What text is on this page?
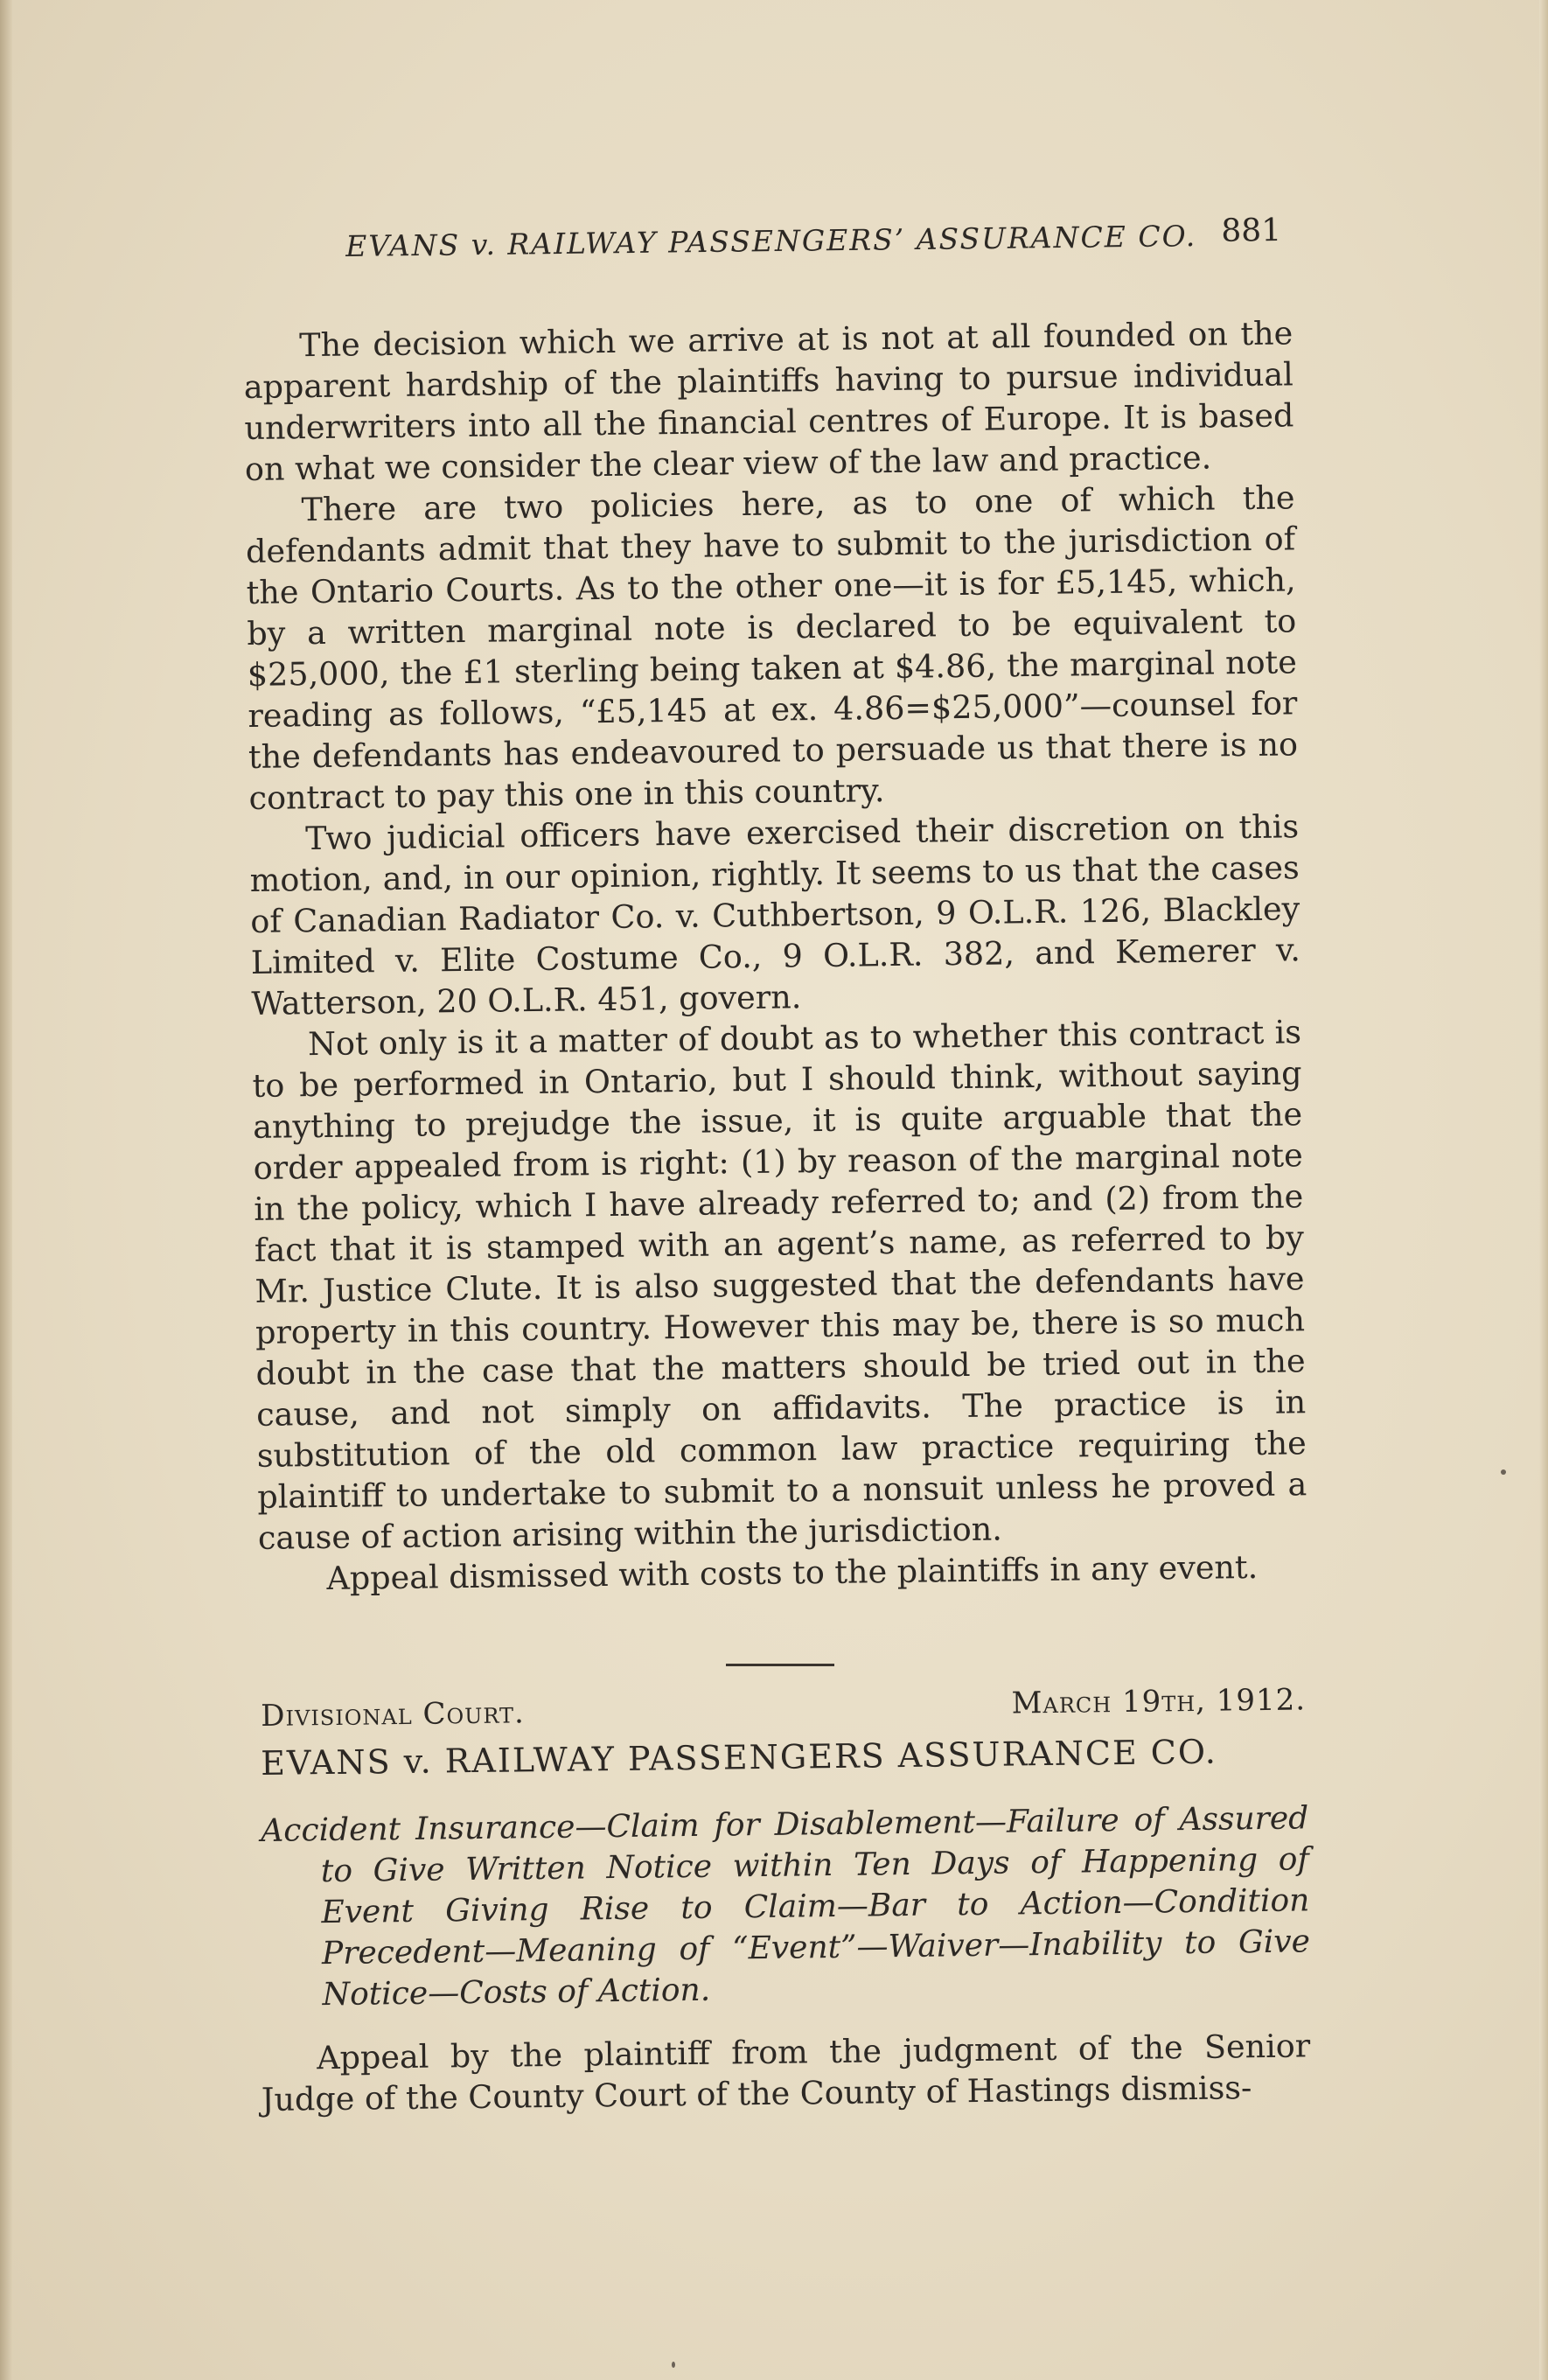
EVANS v. RAILWAY PASSENGERS’ ASSURANCE CO. 881

The decision which we arrive at is not at all founded on the apparent hardship of the plaintiffs having to pursue individual underwriters into all the financial centres of Europe. It is based on what we consider the clear view of the law and practice.

There are two policies here, as to one of which the defendants admit that they have to submit to the jurisdiction of the Ontario Courts. As to the other one—it is for £5,145, which, by a written marginal note is declared to be equivalent to $25,000, the £1 sterling being taken at $4.86, the marginal note reading as follows, “£5,145 at ex. 4.86=$25,000”—counsel for the defendants has endeavoured to persuade us that there is no contract to pay this one in this country.

Two judicial officers have exercised their discretion on this motion, and, in our opinion, rightly. It seems to us that the cases of Canadian Radiator Co. v. Cuthbertson, 9 O.L.R. 126, Blackley Limited v. Elite Costume Co., 9 O.L.R. 382, and Kemerer v. Watterson, 20 O.L.R. 451, govern.

Not only is it a matter of doubt as to whether this contract is to be performed in Ontario, but I should think, without saying anything to prejudge the issue, it is quite arguable that the order appealed from is right: (1) by reason of the marginal note in the policy, which I have already referred to; and (2) from the fact that it is stamped with an agent’s name, as referred to by Mr. Justice Clute. It is also suggested that the defendants have property in this country. However this may be, there is so much doubt in the case that the matters should be tried out in the cause, and not simply on affidavits. The practice is in substitution of the old common law practice requiring the plaintiff to undertake to submit to a nonsuit unless he proved a cause of action arising within the jurisdiction.

Appeal dismissed with costs to the plaintiffs in any event.

Divisional Court.	March 19th, 1912.
EVANS v. RAILWAY PASSENGERS ASSURANCE CO.
Accident Insurance—Claim for Disablement—Failure of Assured to Give Written Notice within Ten Days of Happening of Event Giving Rise to Claim—Bar to Action—Condition Precedent—Meaning of “Event”—Waiver—Inability to Give Notice—Costs of Action.

Appeal by the plaintiff from the judgment of the Senior Judge of the County Court of the County of Hastings dismiss-
